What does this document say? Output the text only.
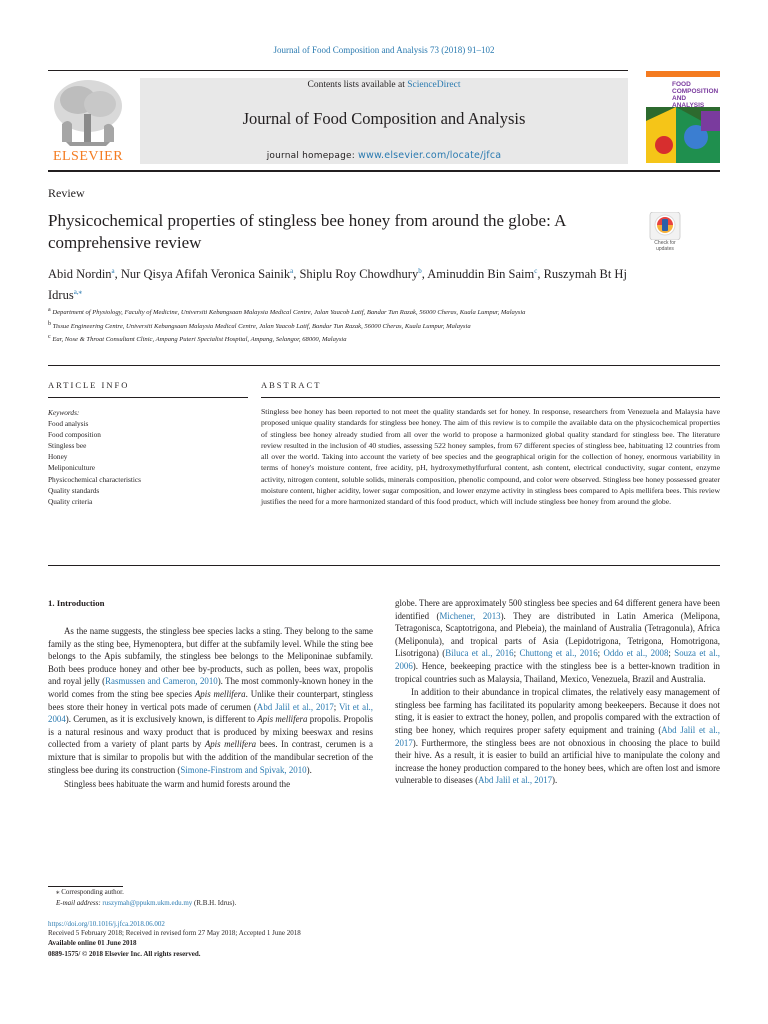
Journal of Food Composition and Analysis 73 (2018) 91–102
ELSEVIER
Contents lists available at ScienceDirect
Journal of Food Composition and Analysis
journal homepage: www.elsevier.com/locate/jfca
FOOD COMPOSITION AND ANALYSIS
Review
Physicochemical properties of stingless bee honey from around the globe: A comprehensive review	Check for updates
Abid Nordin$^a$, Nur Qisya Afifah Veronica Sainik$^a$, Shiplu Roy Chowdhury$^b$, Aminuddin Bin Saim$^c$, Ruszymah Bt Hj Idrus$^{a,⁎}$
$^a$ Department of Physiology, Faculty of Medicine, Universiti Kebangsaan Malaysia Medical Centre, Jalan Yaacob Latif, Bandar Tun Razak, 56000 Cheras, Kuala Lumpur, Malaysia
$^b$ Tissue Engineering Centre, Universiti Kebangsaan Malaysia Medical Centre, Jalan Yaacob Latif, Bandar Tun Razak, 56000 Cheras, Kuala Lumpur, Malaysia
$^c$ Ear, Nose & Throat Consultant Clinic, Ampang Puteri Specialist Hospital, Ampang, Selangor, 68000, Malaysia
ARTICLE INFO	ABSTRACT
Keywords:
Food analysis
Food composition
Stingless bee
Honey
Meliponiculture
Physicochemical characteristics
Quality standards
Quality criteria
Stingless bee honey has been reported to not meet the quality standards set for honey. In response, researchers from Venezuela and Malaysia have proposed unique quality standards for stingless bee honey. The aim of this review is to compile the available data on the physicochemical properties of stingless bee honey already studied from all over the world to propose a harmonized global quality standard for stingless bee. The literature review resulted in the inclusion of 40 studies, assessing 522 honey samples, from 67 different species of stingless bee, habituating 12 countries from all over the world. Taking into account the variety of bee species and the geographical origin for the collection of honey, enormous variability in terms of honey's moisture content, free acidity, pH, hydroxymethylfurfural content, ash content, electrical conductivity, sugar content, enzyme activity, nitrogen content, soluble solids, minerals composition, phenolic compound, and color were observed. Stingless bee honey possessed greater moisture content, higher acidity, lower sugar composition, and lower enzyme activity in stingless bees compared to Apis mellifera bees. This review justifies the need for a more harmonized standard of this food product, which will include stingless bee honey from around the globe.
1. Introduction

As the name suggests, the stingless bee species lacks a sting. They belong to the same family as the sting bee, Hymenoptera, but differ at the subfamily level. While the sting bee belongs to the Apis subfamily, the stingless bee belongs to the Meliponinae subfamily. Both bees produce honey and other bee by-products, such as pollen, bees wax, propolis and royal jelly (Rasmussen and Cameron, 2010). The most commonly-known honey in the world comes from the sting bee species Apis mellifera. Unlike their counterpart, stingless bees store their honey in vertical pots made of cerumen (Abd Jalil et al., 2017; Vit et al., 2004). Cerumen, as it is exclusively known, is different to Apis mellifera propolis. Propolis is a natural resinous and waxy product that is produced by mixing beeswax and resins collected from a variety of plant parts by Apis mellifera bees. In contrast, cerumen is a mixture that is similar to propolis but with the addition of the mandibular secretion of the stingless bee during its construction (Simone-Finstrom and Spivak, 2010).

Stingless bees habituate the warm and humid forests around the

globe. There are approximately 500 stingless bee species and 64 different genera have been identified (Michener, 2013). They are distributed in Latin America (Melipona, Tetragonisca, Scaptotrigona, and Plebeia), the mainland of Australia (Tetragonula), Africa (Meliponula), and tropical parts of Asia (Lepidotrigona, Tetrigona, Homotrigona, Lisotrigona) (Biluca et al., 2016; Chuttong et al., 2016; Oddo et al., 2008; Souza et al., 2006). Hence, beekeeping practice with the stingless bee is a better-known tradition in tropical countries such as Malaysia, Thailand, Mexico, Venezuela, Brazil and Australia.

In addition to their abundance in tropical climates, the relatively easy management of stingless bee farming has facilitated its popularity among beekeepers. Because it does not sting, it is easier to extract the honey, pollen, and propolis compared with the extraction of sting bee honey, which requires proper safety equipment and training (Abd Jalil et al., 2017). Furthermore, the stingless bees are not obnoxious in choosing the place to build their hive. As a result, it is easier to build an artificial hive to manipulate the colony and increase the honey production compared to the honey bees, which are often lost and ismore vulnerable to diseases (Abd Jalil et al., 2017).

⁎ Corresponding author.
E-mail address: ruszymah@ppukm.ukm.edu.my (R.B.H. Idrus).
https://doi.org/10.1016/j.jfca.2018.06.002
Received 5 February 2018; Received in revised form 27 May 2018; Accepted 1 June 2018
Available online 01 June 2018
0889-1575/ © 2018 Elsevier Inc. All rights reserved.
